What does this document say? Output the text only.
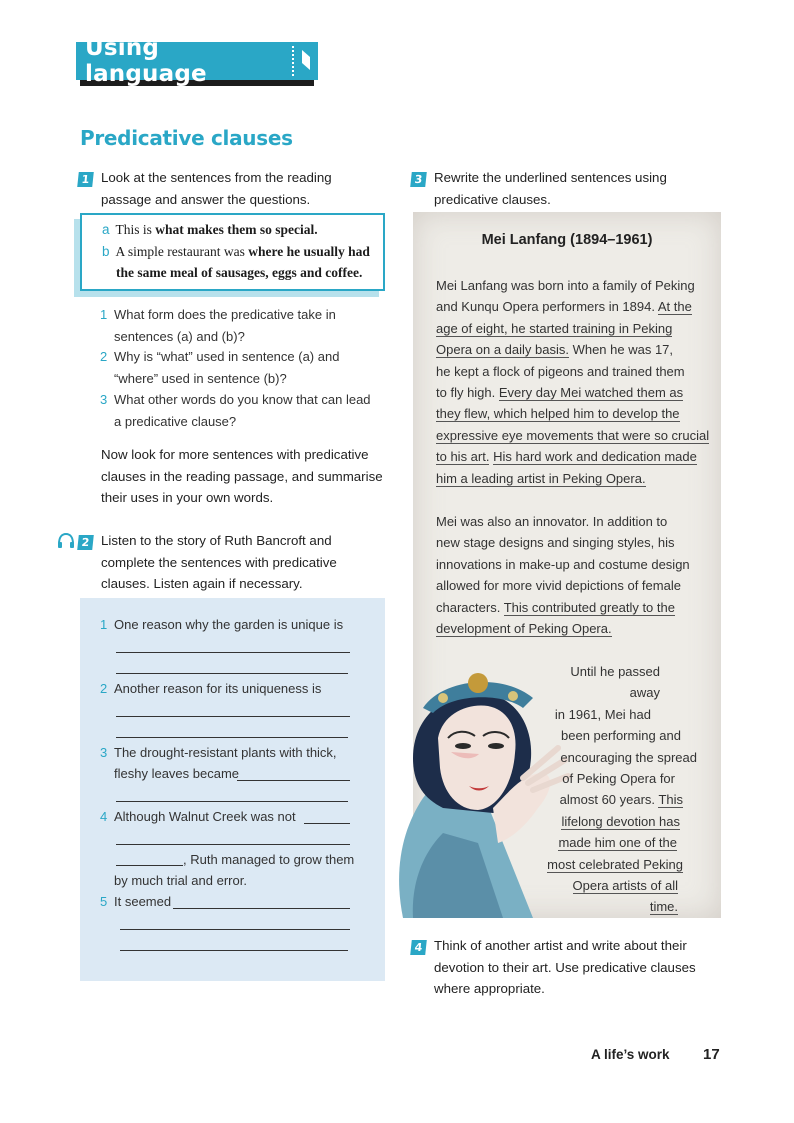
Using language
Predicative clauses
1 Look at the sentences from the reading
passage and answer the questions.
a This is what makes them so special.
b A simple restaurant was where he usually had
the same meal of sausages, eggs and coffee.
1 What form does the predicative take in
sentences (a) and (b)?
2 Why is “what” used in sentence (a) and
“where” used in sentence (b)?
3 What other words do you know that can lead
a predicative clause?
Now look for more sentences with predicative
clauses in the reading passage, and summarise
their uses in your own words.
2 Listen to the story of Ruth Bancroft and
complete the sentences with predicative
clauses. Listen again if necessary.
1 One reason why the garden is unique is
2 Another reason for its uniqueness is
3 The drought-resistant plants with thick,
fleshy leaves became
4 Although Walnut Creek was not
, Ruth managed to grow them
by much trial and error.
5 It seemed
3 Rewrite the underlined sentences using
predicative clauses.
Mei Lanfang (1894–1961)
Mei Lanfang was born into a family of Peking
and Kunqu Opera performers in 1894. At the
age of eight, he started training in Peking
Opera on a daily basis. When he was 17,
he kept a flock of pigeons and trained them
to fly high. Every day Mei watched them as
they flew, which helped him to develop the
expressive eye movements that were so crucial
to his art. His hard work and dedication made
him a leading artist in Peking Opera.
Mei was also an innovator. In addition to
new stage designs and singing styles, his
innovations in make-up and costume design
allowed for more vivid depictions of female
characters. This contributed greatly to the
development of Peking Opera.
Until he passed away
in 1961, Mei had
been performing and
encouraging the spread
of Peking Opera for
almost 60 years. This
lifelong devotion has
made him one of the
most celebrated Peking
Opera artists of all time.
4 Think of another artist and write about their
devotion to their art. Use predicative clauses
where appropriate.
A life’s work 17
